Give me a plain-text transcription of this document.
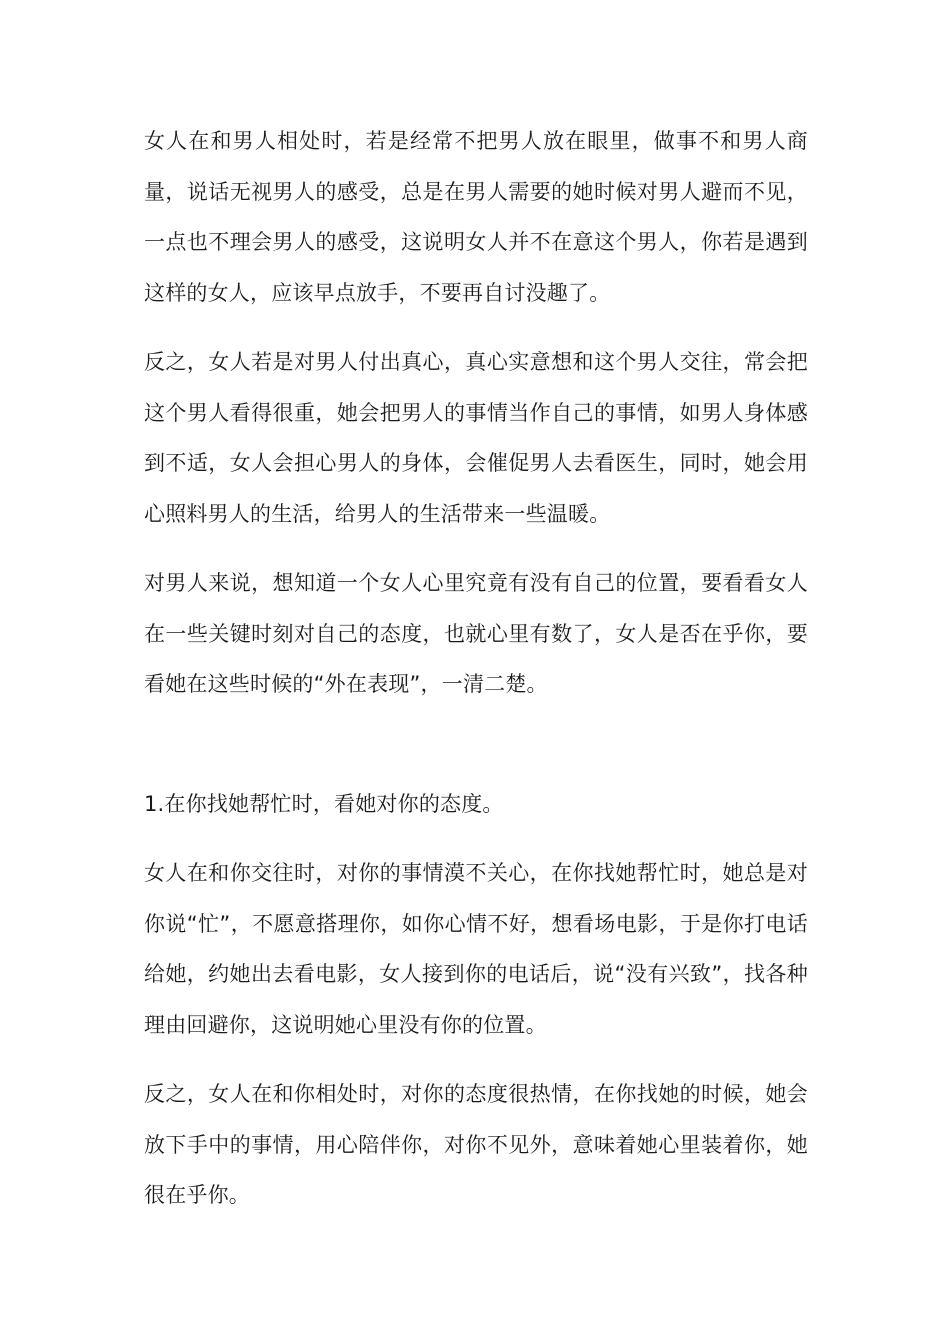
女人在和男人相处时，若是经常不把男人放在眼里，做事不和男人商量，说话无视男人的感受，总是在男人需要的她时候对男人避而不见，一点也不理会男人的感受，这说明女人并不在意这个男人，你若是遇到这样的女人，应该早点放手，不要再自讨没趣了。

反之，女人若是对男人付出真心，真心实意想和这个男人交往，常会把这个男人看得很重，她会把男人的事情当作自己的事情，如男人身体感到不适，女人会担心男人的身体，会催促男人去看医生，同时，她会用心照料男人的生活，给男人的生活带来一些温暖。

对男人来说，想知道一个女人心里究竟有没有自己的位置，要看看女人在一些关键时刻对自己的态度，也就心里有数了，女人是否在乎你，要看她在这些时候的“外在表现”，一清二楚。

1.在你找她帮忙时，看她对你的态度。

女人在和你交往时，对你的事情漠不关心，在你找她帮忙时，她总是对你说“忙”，不愿意搭理你，如你心情不好，想看场电影，于是你打电话给她，约她出去看电影，女人接到你的电话后，说“没有兴致”，找各种理由回避你，这说明她心里没有你的位置。

反之，女人在和你相处时，对你的态度很热情，在你找她的时候，她会放下手中的事情，用心陪伴你，对你不见外，意味着她心里装着你，她很在乎你。
